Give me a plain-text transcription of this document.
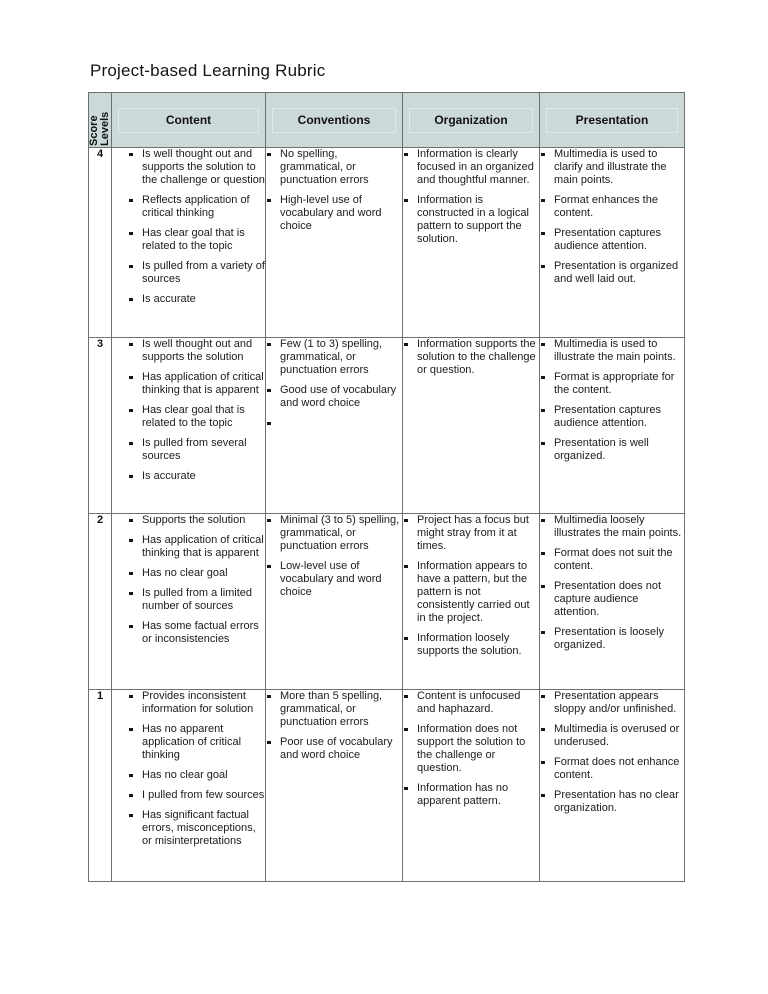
Project-based Learning Rubric
Score Levels	Content	Conventions	Organization	Presentation

4	Is well thought out and supports the solution to the challenge or question
Reflects application of critical thinking
Has clear goal that is related to the topic
Is pulled from a variety of sources
Is accurate

No spelling, grammatical, or punctuation errors
High-level use of vocabulary and word choice

Information is clearly focused in an organized and thoughtful manner.
Information is constructed in a logical pattern to support the solution.

Multimedia is used to clarify and illustrate the main points.
Format enhances the content.
Presentation captures audience attention.
Presentation is organized and well laid out.

3	Is well thought out and supports the solution
Has application of critical thinking that is apparent
Has clear goal that is related to the topic
Is pulled from several sources
Is accurate

Few (1 to 3) spelling, grammatical, or punctuation errors
Good use of vocabulary and word choice

Information supports the solution to the challenge or question.

Multimedia is used to illustrate the main points.
Format is appropriate for the content.
Presentation captures audience attention.
Presentation is well organized.

2	Supports the solution
Has application of critical thinking that is apparent
Has no clear goal
Is pulled from a limited number of sources
Has some factual errors or inconsistencies

Minimal (3 to 5) spelling, grammatical, or punctuation errors
Low-level use of vocabulary and word choice

Project has a focus but might stray from it at times.
Information appears to have a pattern, but the pattern is not consistently carried out in the project.
Information loosely supports the solution.

Multimedia loosely illustrates the main points.
Format does not suit the content.
Presentation does not capture audience attention.
Presentation is loosely organized.

1	Provides inconsistent information for solution
Has no apparent application of critical thinking
Has no clear goal
I pulled from few sources
Has significant factual errors, misconceptions, or misinterpretations

More than 5 spelling, grammatical, or punctuation errors
Poor use of vocabulary and word choice

Content is unfocused and haphazard.
Information does not support the solution to the challenge or question.
Information has no apparent pattern.

Presentation appears sloppy and/or unfinished.
Multimedia is overused or underused.
Format does not enhance content.
Presentation has no clear organization.
